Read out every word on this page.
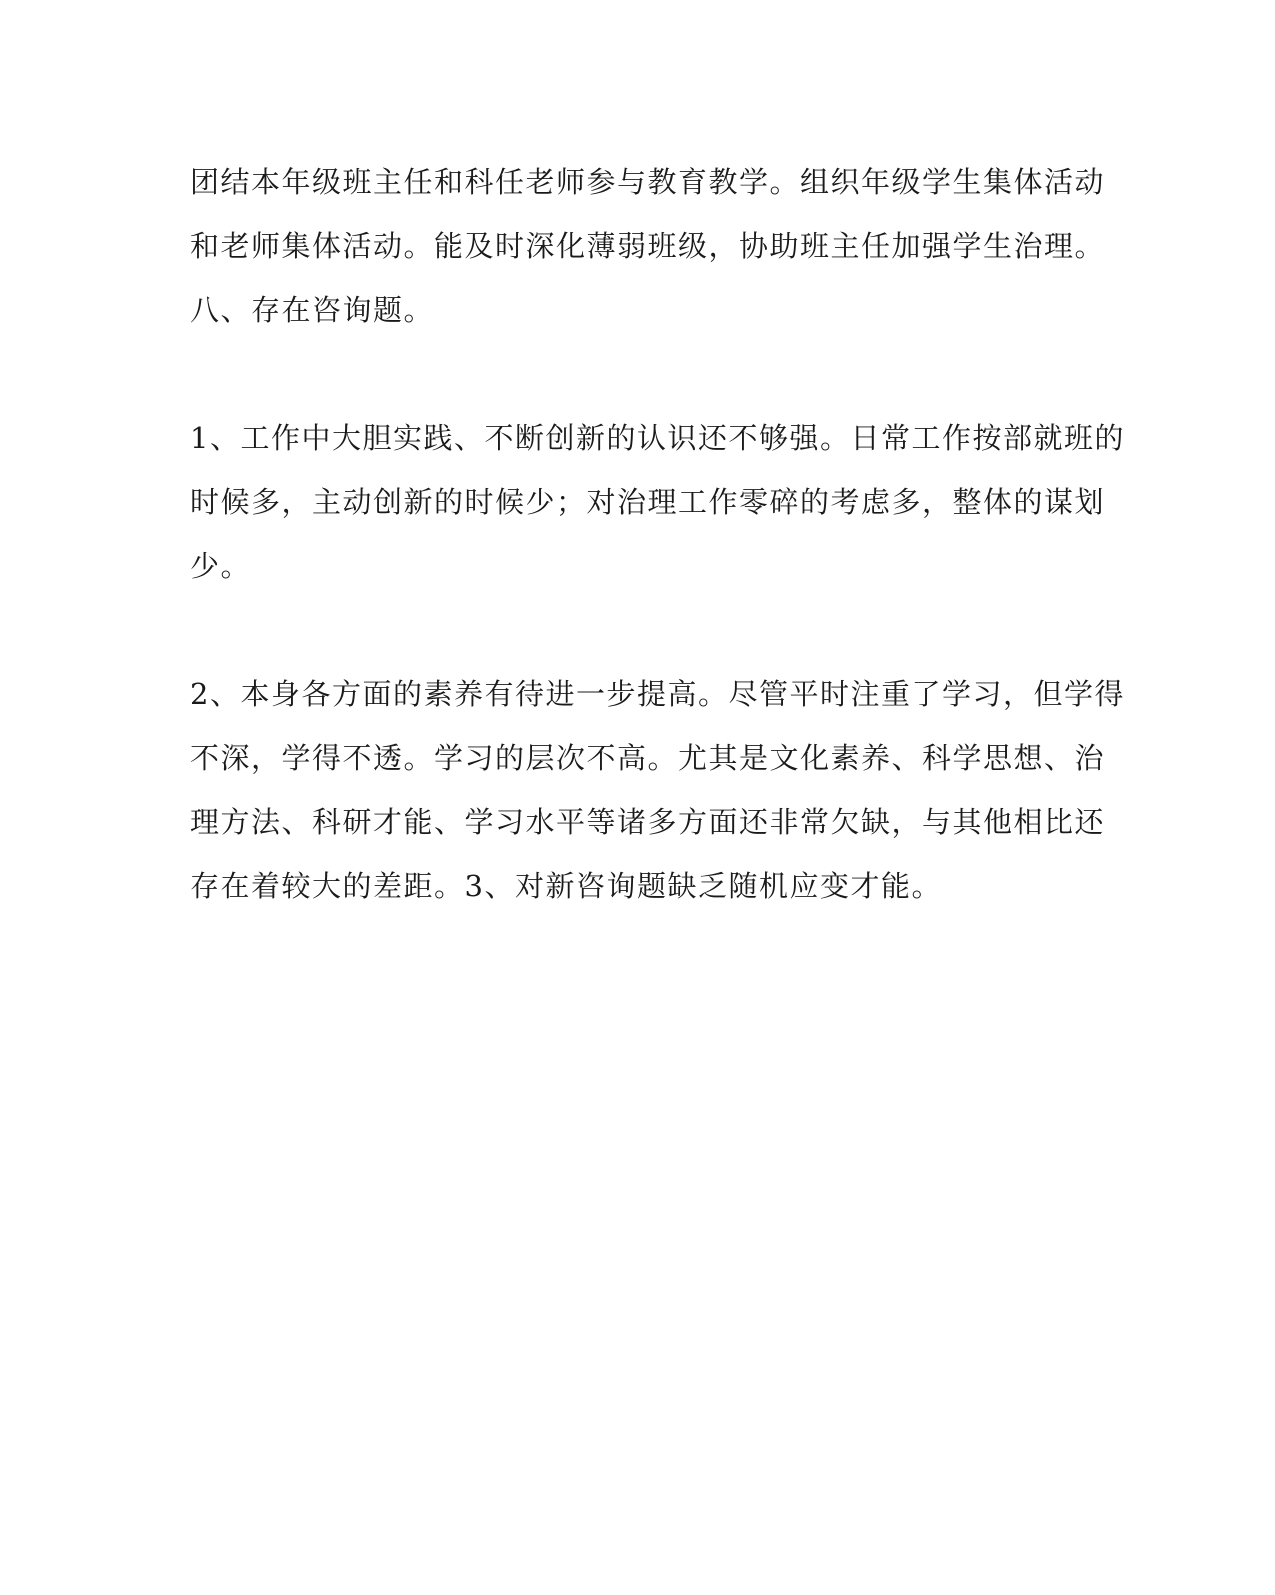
团结本年级班主任和科任老师参与教育教学。组织年级学生集体活动
和老师集体活动。能及时深化薄弱班级，协助班主任加强学生治理。
八、存在咨询题。
1、工作中大胆实践、不断创新的认识还不够强。日常工作按部就班的
时候多，主动创新的时候少；对治理工作零碎的考虑多，整体的谋划
少。
2、本身各方面的素养有待进一步提高。尽管平时注重了学习，但学得
不深，学得不透。学习的层次不高。尤其是文化素养、科学思想、治
理方法、科研才能、学习水平等诸多方面还非常欠缺，与其他相比还
存在着较大的差距。3、对新咨询题缺乏随机应变才能。
